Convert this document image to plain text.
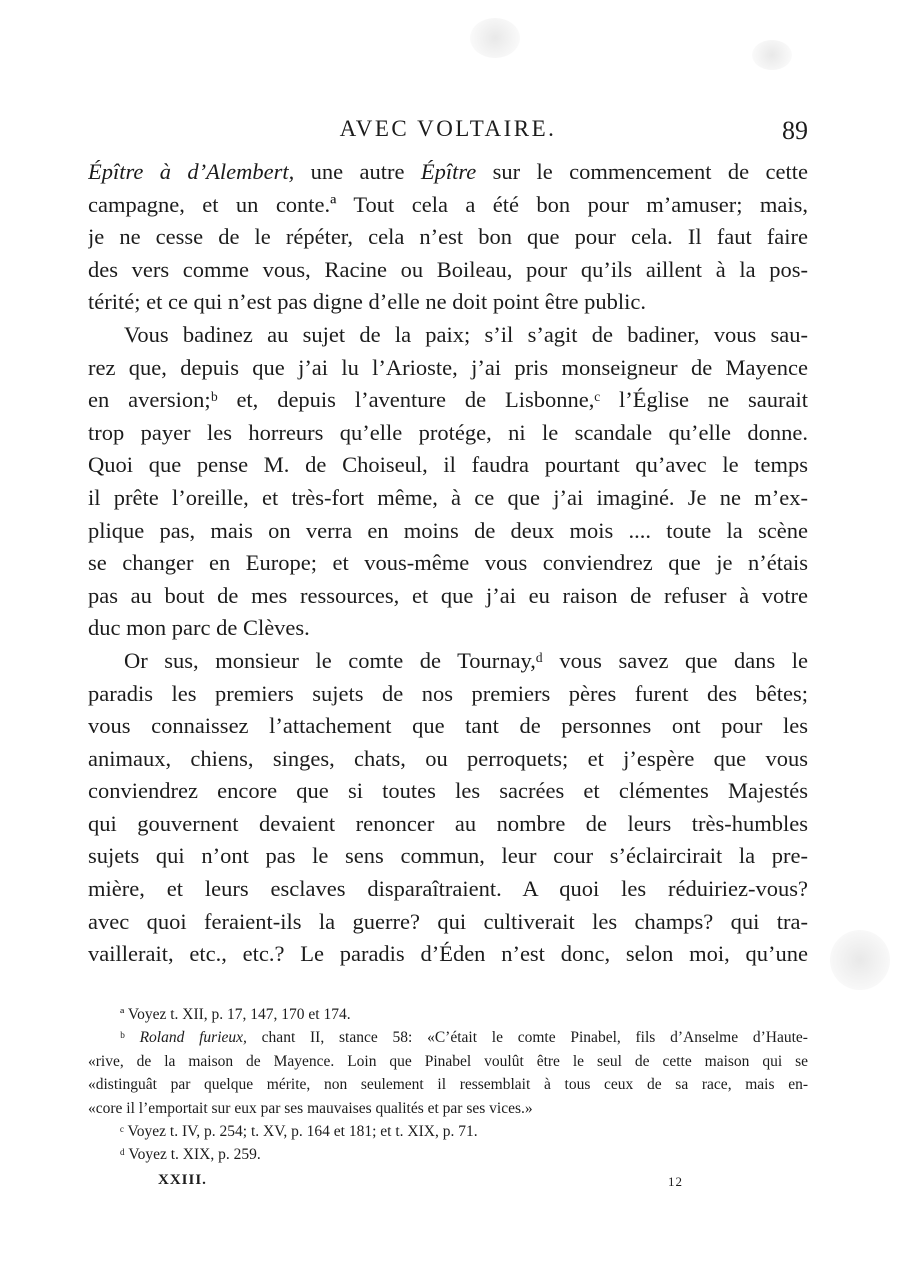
AVEC VOLTAIRE.	89
Épître à d’Alembert, une autre Épître sur le commencement de cette
campagne, et un conte.ª Tout cela a été bon pour m’amuser; mais,
je ne cesse de le répéter, cela n’est bon que pour cela. Il faut faire
des vers comme vous, Racine ou Boileau, pour qu’ils aillent à la pos-
térité; et ce qui n’est pas digne d’elle ne doit point être public.
Vous badinez au sujet de la paix; s’il s’agit de badiner, vous sau-
rez que, depuis que j’ai lu l’Arioste, j’ai pris monseigneur de Mayence
en aversion;ᵇ et, depuis l’aventure de Lisbonne,ᶜ l’Église ne saurait
trop payer les horreurs qu’elle protége, ni le scandale qu’elle donne.
Quoi que pense M. de Choiseul, il faudra pourtant qu’avec le temps
il prête l’oreille, et très-fort même, à ce que j’ai imaginé. Je ne m’ex-
plique pas, mais on verra en moins de deux mois .... toute la scène
se changer en Europe; et vous-même vous conviendrez que je n’étais
pas au bout de mes ressources, et que j’ai eu raison de refuser à votre
duc mon parc de Clèves.
Or sus, monsieur le comte de Tournay,ᵈ vous savez que dans le
paradis les premiers sujets de nos premiers pères furent des bêtes;
vous connaissez l’attachement que tant de personnes ont pour les
animaux, chiens, singes, chats, ou perroquets; et j’espère que vous
conviendrez encore que si toutes les sacrées et clémentes Majestés
qui gouvernent devaient renoncer au nombre de leurs très-humbles
sujets qui n’ont pas le sens commun, leur cour s’éclaircirait la pre-
mière, et leurs esclaves disparaîtraient. A quoi les réduiriez-vous?
avec quoi feraient-ils la guerre? qui cultiverait les champs? qui tra-
vaillerait, etc., etc.? Le paradis d’Éden n’est donc, selon moi, qu’une
ª Voyez t. XII, p. 17, 147, 170 et 174.
ᵇ Roland furieux, chant II, stance 58: «C’était le comte Pinabel, fils d’Anselme d’Haute-
«rive, de la maison de Mayence. Loin que Pinabel voulût être le seul de cette maison qui se
«distinguât par quelque mérite, non seulement il ressemblait à tous ceux de sa race, mais en-
«core il l’emportait sur eux par ses mauvaises qualités et par ses vices.»
ᶜ Voyez t. IV, p. 254; t. XV, p. 164 et 181; et t. XIX, p. 71.
ᵈ Voyez t. XIX, p. 259.
XXIII.	12
